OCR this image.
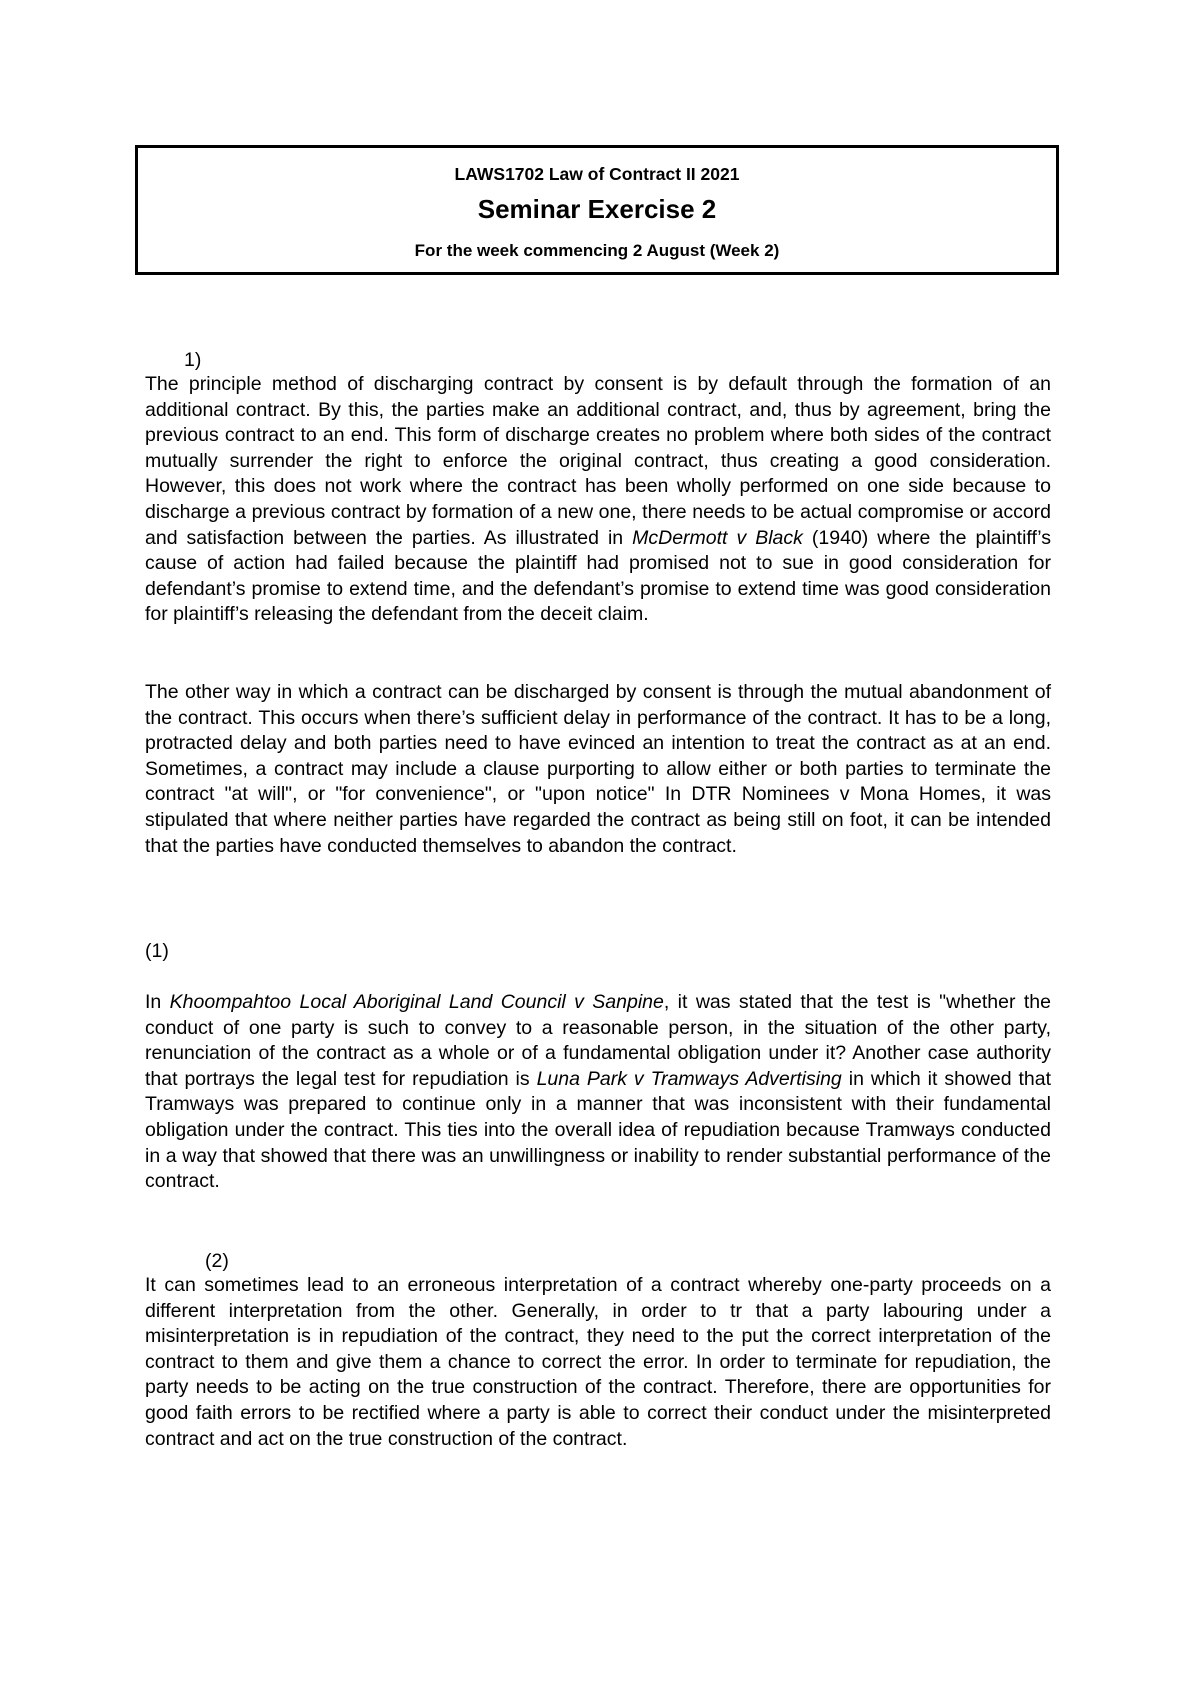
LAWS1702 Law of Contract II 2021
Seminar Exercise 2
For the week commencing 2 August (Week 2)
1)

The principle method of discharging contract by consent is by default through the formation of an additional contract. By this, the parties make an additional contract, and, thus by agreement, bring the previous contract to an end. This form of discharge creates no problem where both sides of the contract mutually surrender the right to enforce the original contract, thus creating a good consideration. However, this does not work where the contract has been wholly performed on one side because to discharge a previous contract by formation of a new one, there needs to be actual compromise or accord and satisfaction between the parties. As illustrated in McDermott v Black (1940) where the plaintiff’s cause of action had failed because the plaintiff had promised not to sue in good consideration for defendant’s promise to extend time, and the defendant’s promise to extend time was good consideration for plaintiff’s releasing the defendant from the deceit claim.

The other way in which a contract can be discharged by consent is through the mutual abandonment of the contract. This occurs when there’s sufficient delay in performance of the contract. It has to be a long, protracted delay and both parties need to have evinced an intention to treat the contract as at an end. Sometimes, a contract may include a clause purporting to allow either or both parties to terminate the contract "at will", or "for convenience", or "upon notice" In DTR Nominees v Mona Homes, it was stipulated that where neither parties have regarded the contract as being still on foot, it can be intended that the parties have conducted themselves to abandon the contract.

(1)

In Khoompahtoo Local Aboriginal Land Council v Sanpine, it was stated that the test is "whether the conduct of one party is such to convey to a reasonable person, in the situation of the other party, renunciation of the contract as a whole or of a fundamental obligation under it? Another case authority that portrays the legal test for repudiation is Luna Park v Tramways Advertising in which it showed that Tramways was prepared to continue only in a manner that was inconsistent with their fundamental obligation under the contract. This ties into the overall idea of repudiation because Tramways conducted in a way that showed that there was an unwillingness or inability to render substantial performance of the contract.

(2)

It can sometimes lead to an erroneous interpretation of a contract whereby one-party proceeds on a different interpretation from the other. Generally, in order to tr that a party labouring under a misinterpretation is in repudiation of the contract, they need to the put the correct interpretation of the contract to them and give them a chance to correct the error. In order to terminate for repudiation, the party needs to be acting on the true construction of the contract. Therefore, there are opportunities for good faith errors to be rectified where a party is able to correct their conduct under the misinterpreted contract and act on the true construction of the contract.
